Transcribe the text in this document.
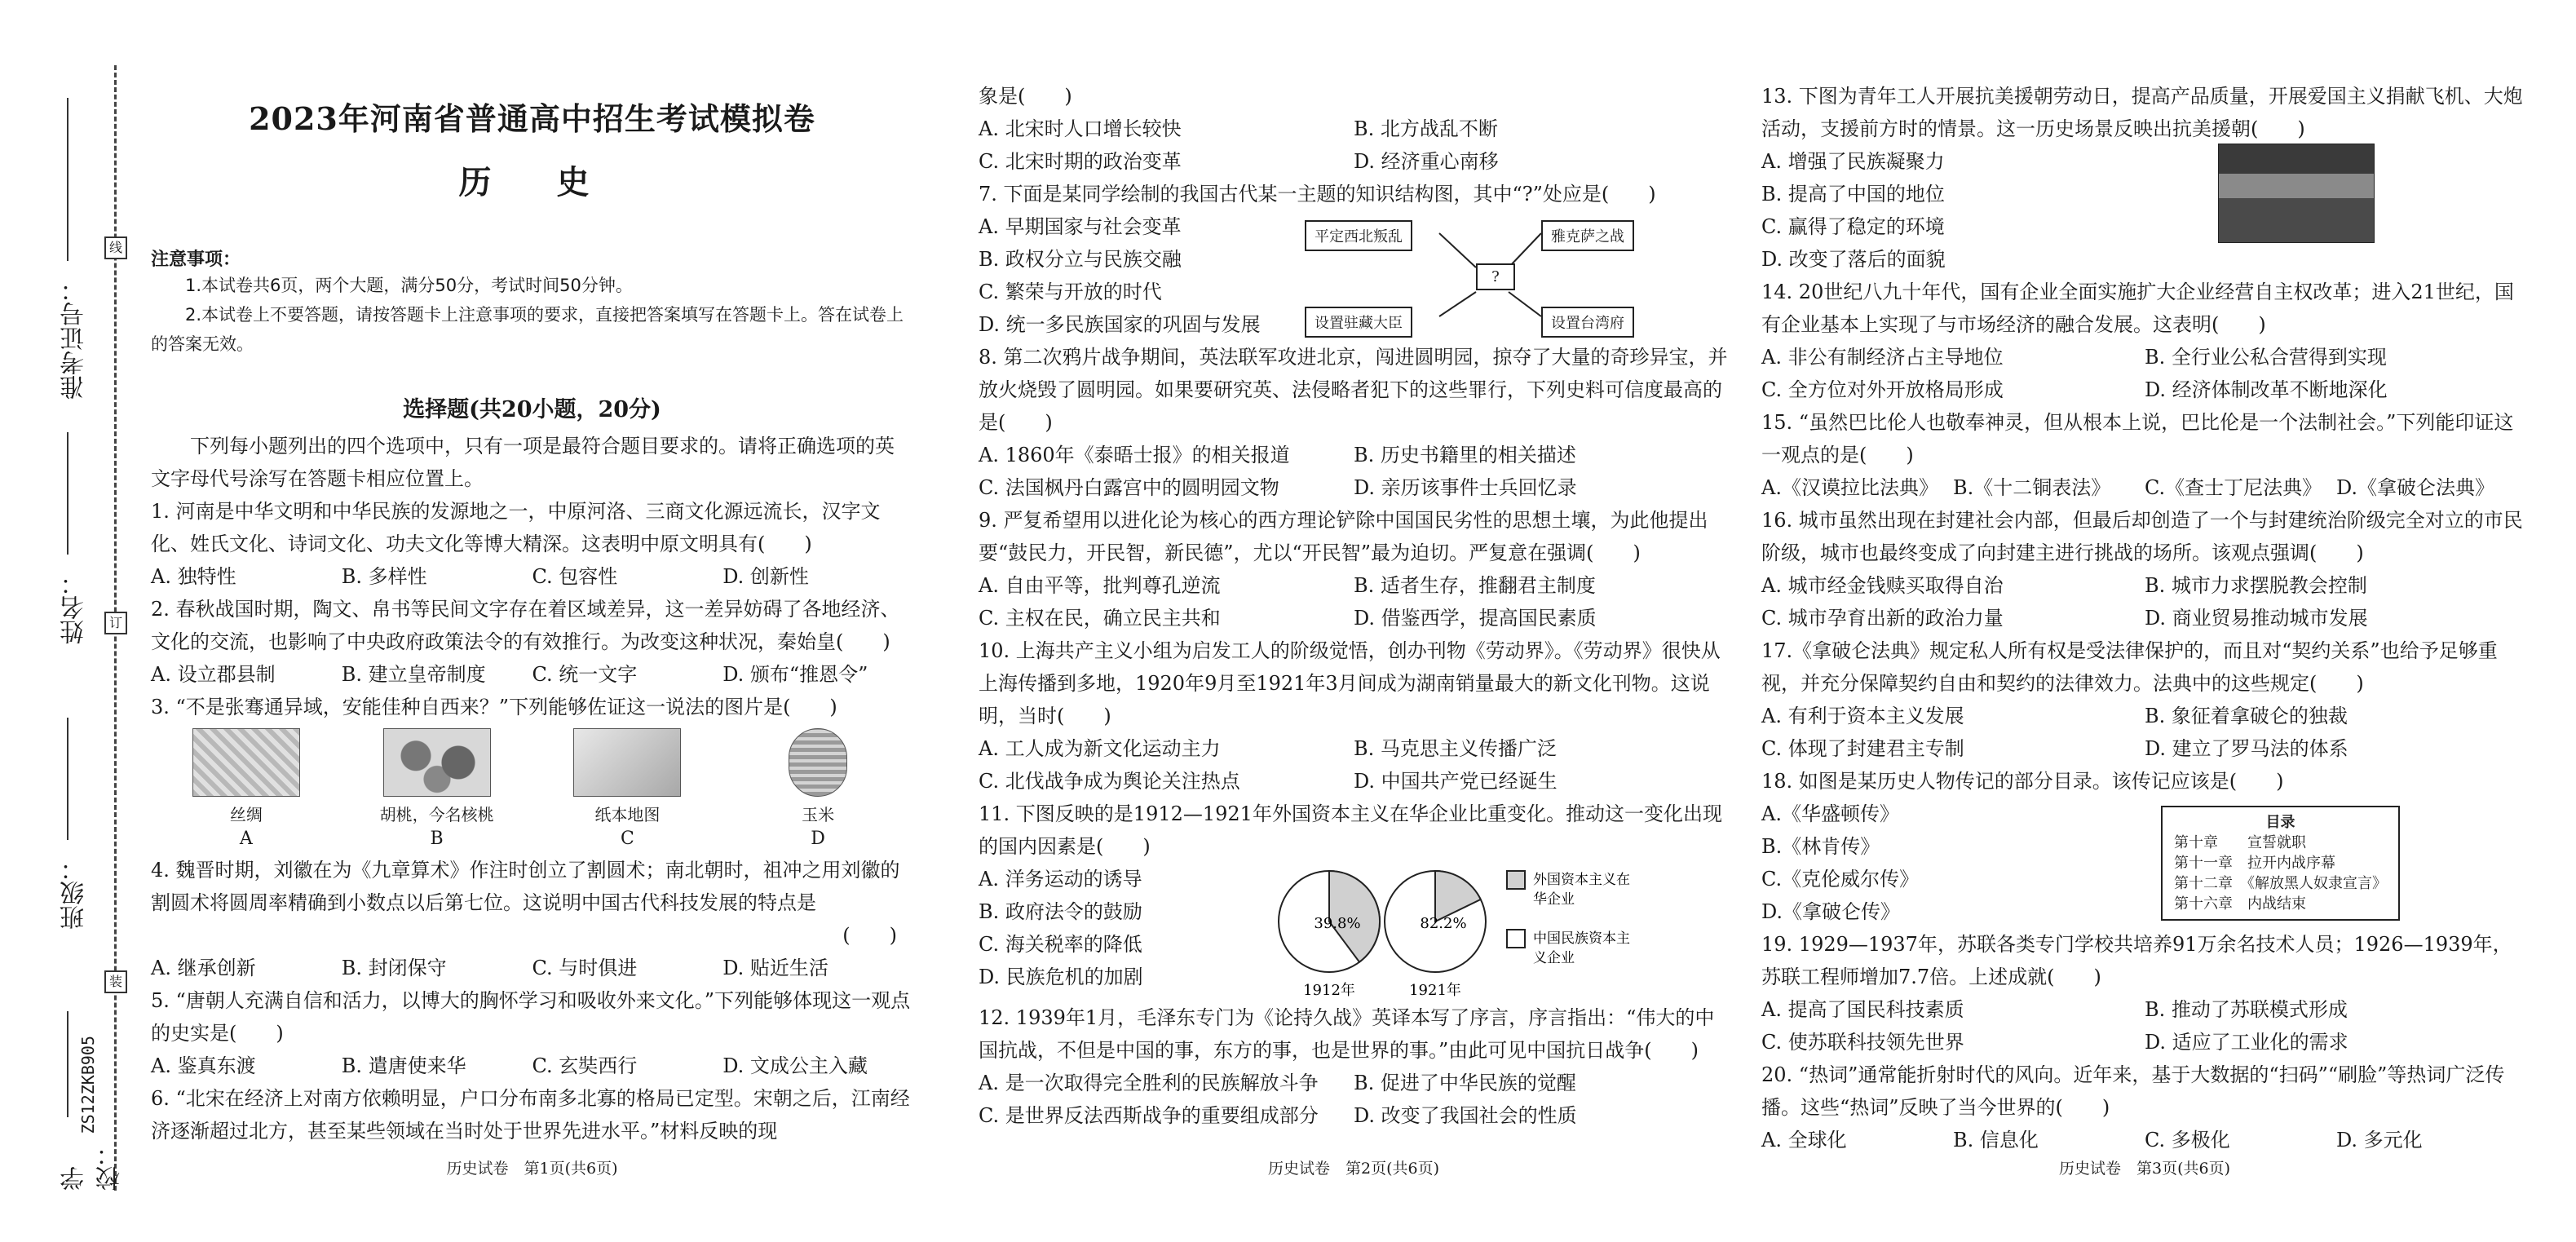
线
订
装
准考证号：
姓名：
班级：
学校：
ZS12ZKB905
2023年河南省普通高中招生考试模拟卷
历　史
注意事项：
1.本试卷共6页，两个大题，满分50分，考试时间50分钟。
2.本试卷上不要答题，请按答题卡上注意事项的要求，直接把答案填写在答题卡上。答在试卷上的答案无效。
选择题(共20小题，20分)
下列每小题列出的四个选项中，只有一项是最符合题目要求的。请将正确选项的英文字母代号涂写在答题卡相应位置上。
1. 河南是中华文明和中华民族的发源地之一，中原河洛、三商文化源远流长，汉字文化、姓氏文化、诗词文化、功夫文化等博大精深。这表明中原文明具有(　　)
A. 独特性	B. 多样性	C. 包容性	D. 创新性
2. 春秋战国时期，陶文、帛书等民间文字存在着区域差异，这一差异妨碍了各地经济、文化的交流，也影响了中央政府政策法令的有效推行。为改变这种状况，秦始皇(　　)
A. 设立郡县制	B. 建立皇帝制度	C. 统一文字	D. 颁布“推恩令”
3. “不是张骞通异域，安能佳种自西来？”下列能够佐证这一说法的图片是(　　)
丝绸
A
胡桃，今名核桃
B
纸本地图
C
玉米
D
4. 魏晋时期，刘徽在为《九章算术》作注时创立了割圆术；南北朝时，祖冲之用刘徽的割圆术将圆周率精确到小数点以后第七位。这说明中国古代科技发展的特点是
(　　)
A. 继承创新	B. 封闭保守	C. 与时俱进	D. 贴近生活
5. “唐朝人充满自信和活力，以博大的胸怀学习和吸收外来文化。”下列能够体现这一观点的史实是(　　)
A. 鉴真东渡	B. 遣唐使来华	C. 玄奘西行	D. 文成公主入藏
6. “北宋在经济上对南方依赖明显，户口分布南多北寡的格局已定型。宋朝之后，江南经济逐渐超过北方，甚至某些领域在当时处于世界先进水平。”材料反映的现
历史试卷　第1页(共6页)
象是(　　)
A. 北宋时人口增长较快	B. 北方战乱不断
C. 北宋时期的政治变革	D. 经济重心南移
7. 下面是某同学绘制的我国古代某一主题的知识结构图，其中“?”处应是(　　)
A. 早期国家与社会变革
B. 政权分立与民族交融
C. 繁荣与开放的时代
D. 统一多民族国家的巩固与发展
平定西北叛乱	雅克萨之战
设置驻藏大臣	设置台湾府
?
8. 第二次鸦片战争期间，英法联军攻进北京，闯进圆明园，掠夺了大量的奇珍异宝，并放火烧毁了圆明园。如果要研究英、法侵略者犯下的这些罪行，下列史料可信度最高的是(　　)
A. 1860年《泰晤士报》的相关报道	B. 历史书籍里的相关描述
C. 法国枫丹白露宫中的圆明园文物	D. 亲历该事件士兵回忆录
9. 严复希望用以进化论为核心的西方理论铲除中国国民劣性的思想土壤，为此他提出要“鼓民力，开民智，新民德”，尤以“开民智”最为迫切。严复意在强调(　　)
A. 自由平等，批判尊孔逆流	B. 适者生存，推翻君主制度
C. 主权在民，确立民主共和	D. 借鉴西学，提高国民素质
10. 上海共产主义小组为启发工人的阶级觉悟，创办刊物《劳动界》。《劳动界》很快从上海传播到多地，1920年9月至1921年3月间成为湖南销量最大的新文化刊物。这说明，当时(　　)
A. 工人成为新文化运动主力	B. 马克思主义传播广泛
C. 北伐战争成为舆论关注热点	D. 中国共产党已经诞生
11. 下图反映的是1912—1921年外国资本主义在华企业比重变化。推动这一变化出现的国内因素是(　　)
A. 洋务运动的诱导
B. 政府法令的鼓励
C. 海关税率的降低
D. 民族危机的加剧
39.8%
1912年
82.2%
1921年
外国资本主义在
华企业
中国民族资本主
义企业
12. 1939年1月，毛泽东专门为《论持久战》英译本写了序言，序言指出：“伟大的中国抗战，不但是中国的事，东方的事，也是世界的事。”由此可见中国抗日战争(　　)
A. 是一次取得完全胜利的民族解放斗争	B. 促进了中华民族的觉醒
C. 是世界反法西斯战争的重要组成部分	D. 改变了我国社会的性质
历史试卷　第2页(共6页)
13. 下图为青年工人开展抗美援朝劳动日，提高产品质量，开展爱国主义捐献飞机、大炮活动，支援前方时的情景。这一历史场景反映出抗美援朝(　　)
A. 增强了民族凝聚力
B. 提高了中国的地位
C. 赢得了稳定的环境
D. 改变了落后的面貌
14. 20世纪八九十年代，国有企业全面实施扩大企业经营自主权改革；进入21世纪，国有企业基本上实现了与市场经济的融合发展。这表明(　　)
A. 非公有制经济占主导地位	B. 全行业公私合营得到实现
C. 全方位对外开放格局形成	D. 经济体制改革不断地深化
15. “虽然巴比伦人也敬奉神灵，但从根本上说，巴比伦是一个法制社会。”下列能印证这一观点的是(　　)
A.《汉谟拉比法典》 B.《十二铜表法》	C.《查士丁尼法典》 D.《拿破仑法典》
16. 城市虽然出现在封建社会内部，但最后却创造了一个与封建统治阶级完全对立的市民阶级，城市也最终变成了向封建主进行挑战的场所。该观点强调(　　)
A. 城市经金钱赎买取得自治	B. 城市力求摆脱教会控制
C. 城市孕育出新的政治力量	D. 商业贸易推动城市发展
17.《拿破仑法典》规定私人所有权是受法律保护的，而且对“契约关系”也给予足够重视，并充分保障契约自由和契约的法律效力。法典中的这些规定(　　)
A. 有利于资本主义发展	B. 象征着拿破仑的独裁
C. 体现了封建君主专制	D. 建立了罗马法的体系
18. 如图是某历史人物传记的部分目录。该传记应该是(　　)
A.《华盛顿传》
B.《林肯传》
C.《克伦威尔传》
D.《拿破仑传》
目录
第十章　　宣誓就职
第十一章　拉开内战序幕
第十二章　《解放黑人奴隶宣言》
第十六章　内战结束
19. 1929—1937年，苏联各类专门学校共培养91万余名技术人员；1926—1939年，苏联工程师增加7.7倍。上述成就(　　)
A. 提高了国民科技素质	B. 推动了苏联模式形成
C. 使苏联科技领先世界	D. 适应了工业化的需求
20. “热词”通常能折射时代的风向。近年来，基于大数据的“扫码”“刷脸”等热词广泛传播。这些“热词”反映了当今世界的(　　)
A. 全球化	B. 信息化	C. 多极化	D. 多元化
历史试卷　第3页(共6页)
